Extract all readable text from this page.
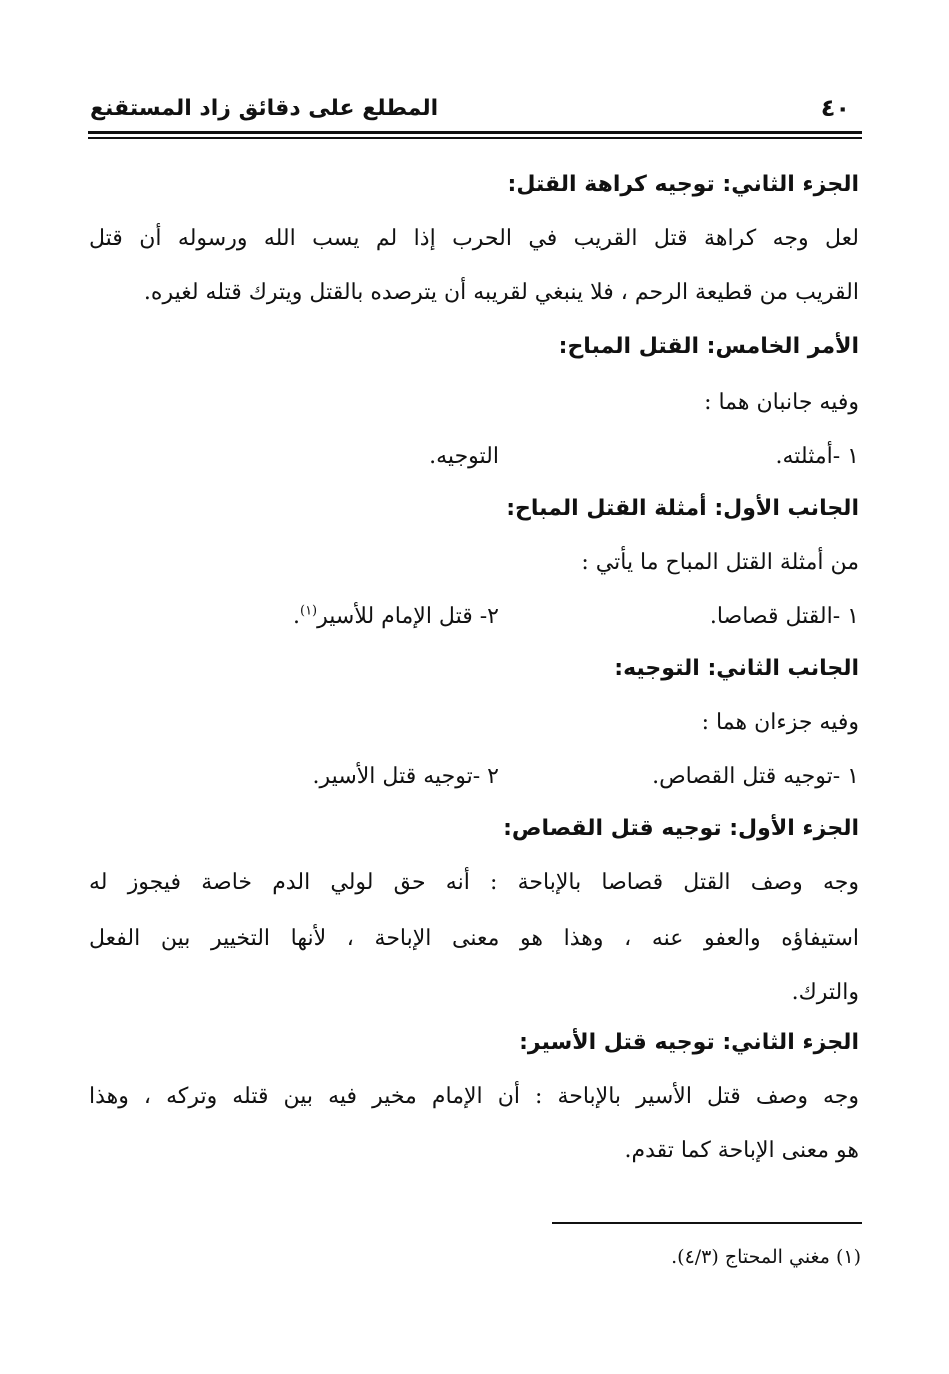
٤٠
المطلع على دقائق زاد المستقنع
الجزء الثاني: توجيه كراهة القتل:
لعل وجه كراهة قتل القريب في الحرب إذا لم يسب الله ورسوله أن قتل
القريب من قطيعة الرحم ، فلا ينبغي لقريبه أن يترصده بالقتل ويترك قتله لغيره.
الأمر الخامس: القتل المباح:
وفيه جانبان هما :
١ -أمثلته.
التوجيه.
الجانب الأول: أمثلة القتل المباح:
من أمثلة القتل المباح ما يأتي :
١ -القتل قصاصا.
٢- قتل الإمام للأسير$^{(١)}$.
الجانب الثاني: التوجيه:
وفيه جزءان هما :
١ -توجيه قتل القصاص.
٢ -توجيه قتل الأسير.
الجزء الأول: توجيه قتل القصاص:
وجه وصف القتل قصاصا بالإباحة : أنه حق لولي الدم خاصة فيجوز له
استيفاؤه والعفو عنه ، وهذا هو معنى الإباحة ، لأنها التخيير بين الفعل
والترك.
الجزء الثاني: توجيه قتل الأسير:
وجه وصف قتل الأسير بالإباحة : أن الإمام مخير فيه بين قتله وتركه ، وهذا
هو معنى الإباحة كما تقدم.
(١) مغني المحتاج (٤/٣).
